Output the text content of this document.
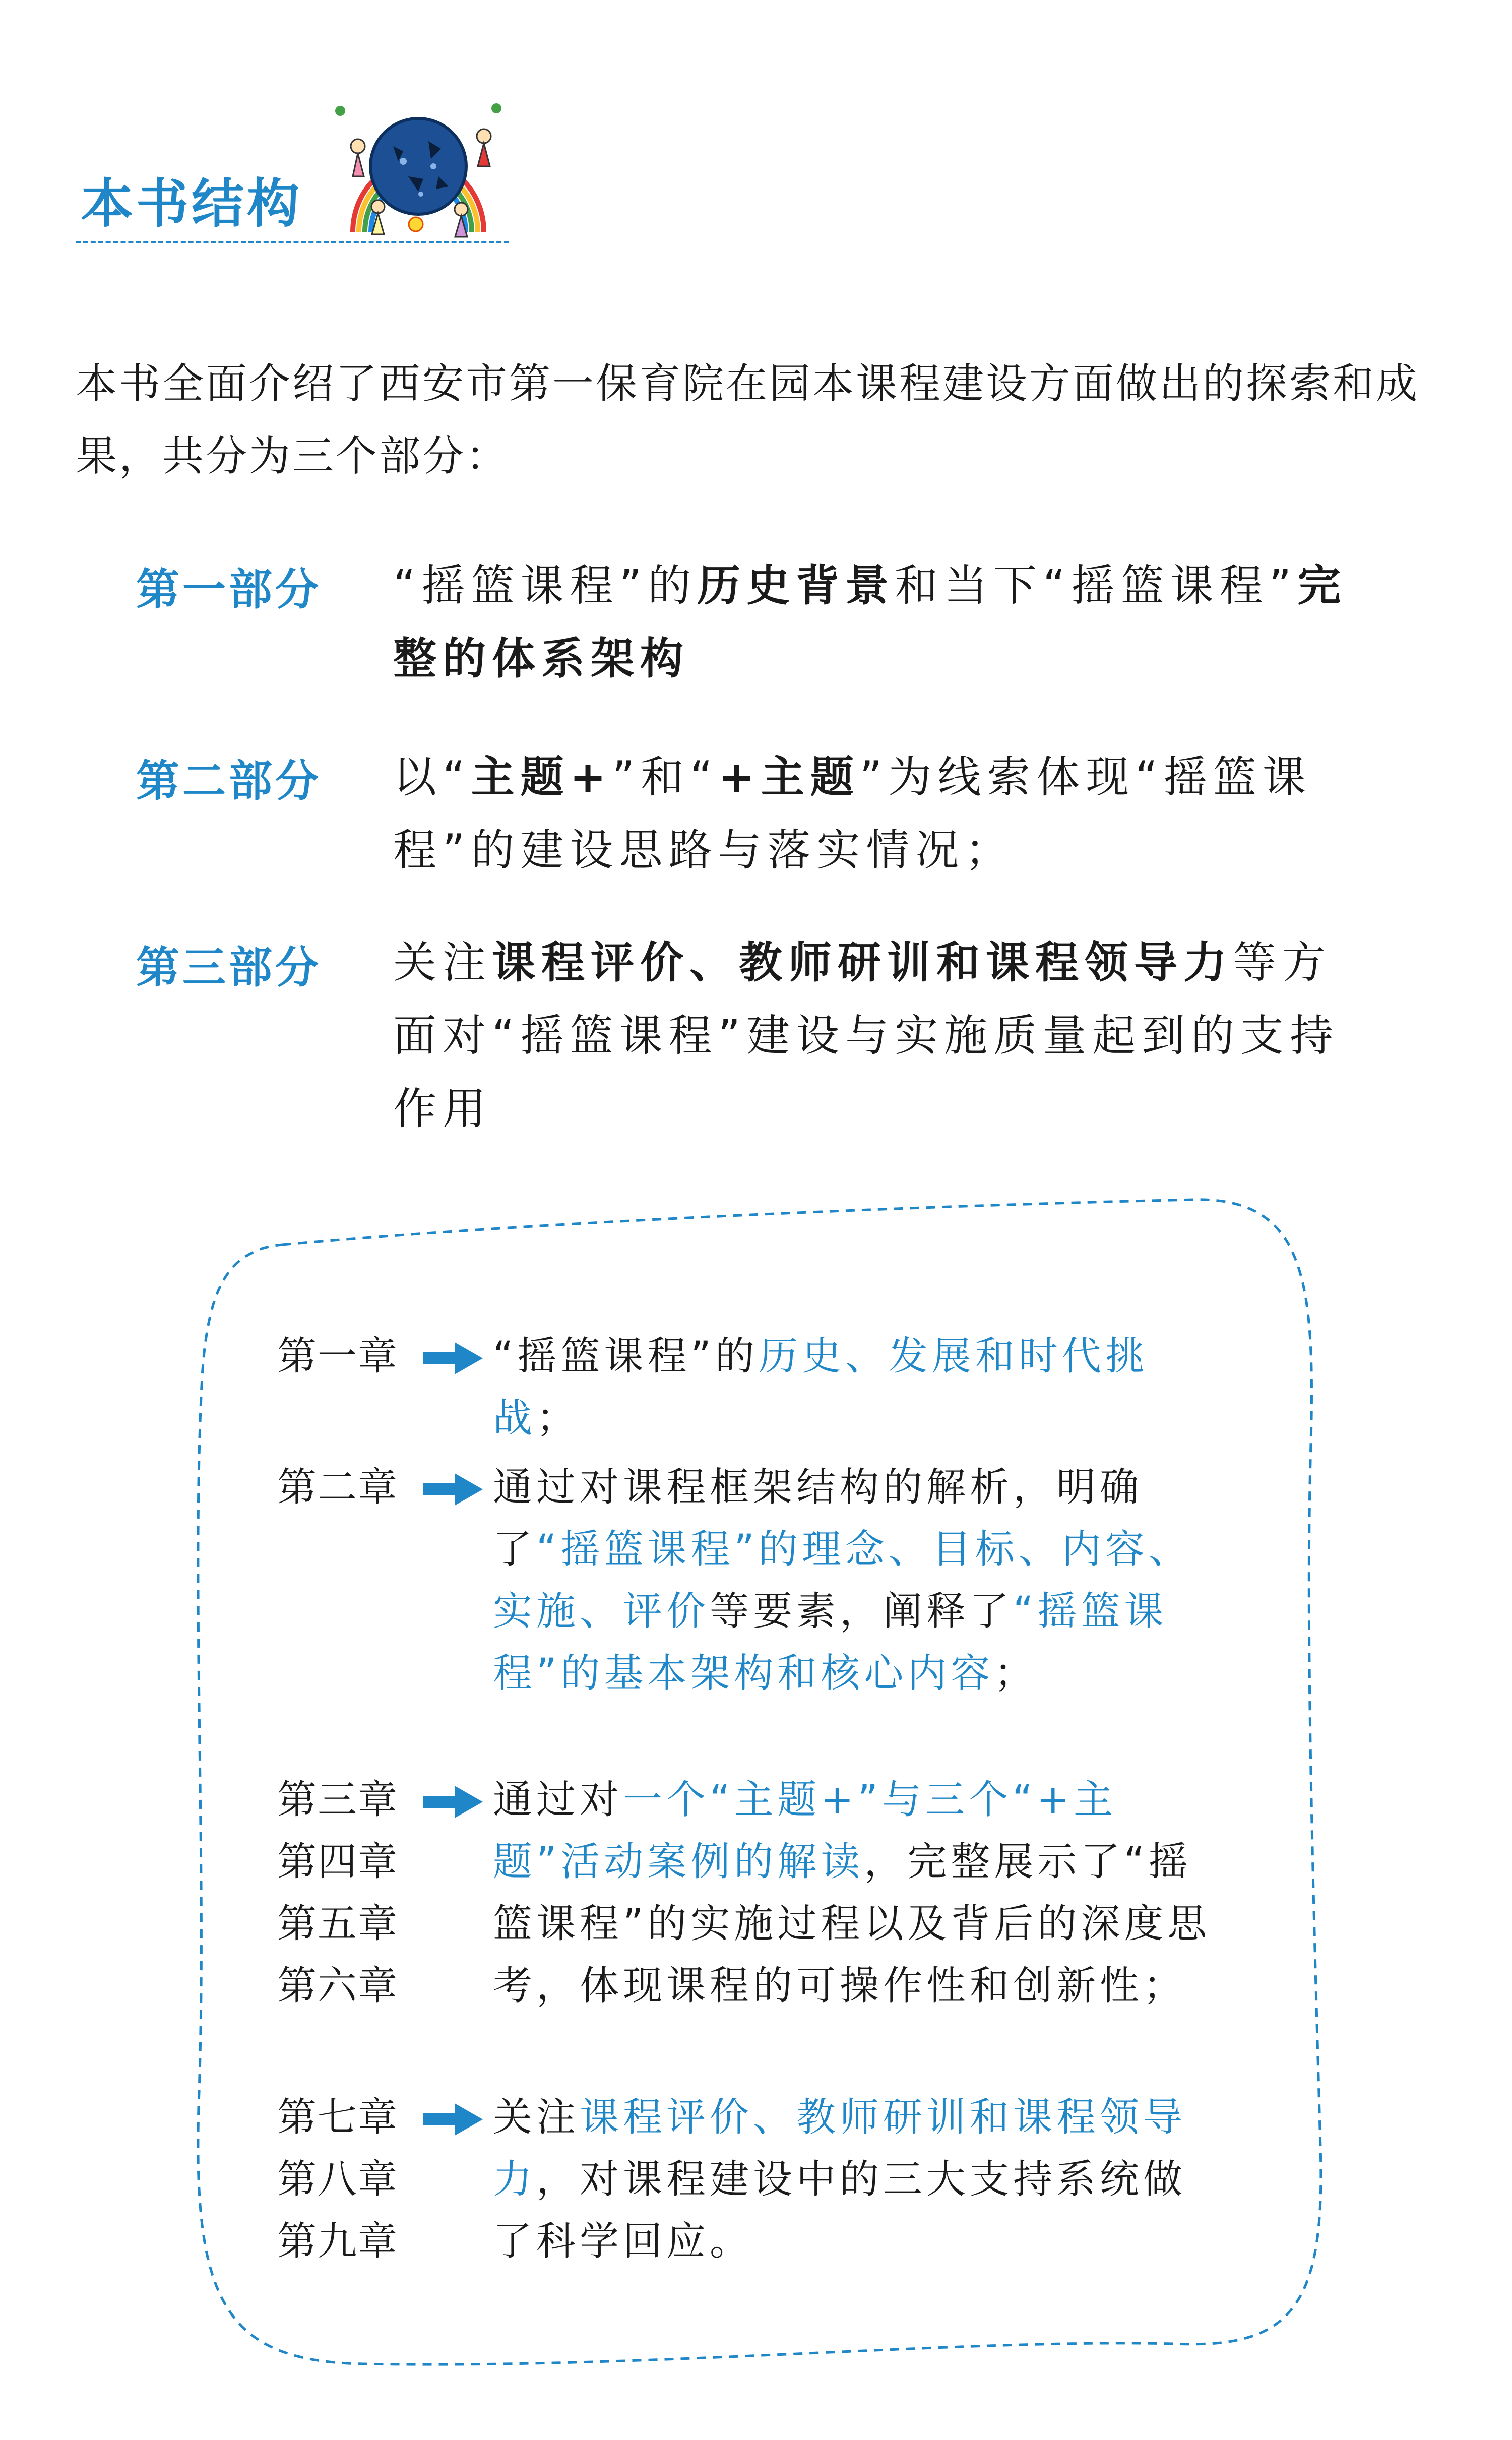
本书结构
本书全面介绍了西安市第一保育院在园本课程建设方面做出的探索和成果，共分为三个部分：
第一部分 “摇篮课程”的历史背景和当下“摇篮课程”完整的体系架构
第二部分 以“主题+”和“+主题”为线索体现“摇篮课程”的建设思路与落实情况；
第三部分 关注课程评价、教师研训和课程领导力等方面对“摇篮课程”建设与实施质量起到的支持作用
第一章 “摇篮课程”的历史、发展和时代挑战；
第二章 通过对课程框架结构的解析，明确了“摇篮课程”的理念、目标、内容、实施、评价等要素，阐释了“摇篮课程”的基本架构和核心内容；
第三章
第四章
第五章
第六章
通过对一个“主题+”与三个“+主题”活动案例的解读，完整展示了“摇篮课程”的实施过程以及背后的深度思考，体现课程的可操作性和创新性；
第七章
第八章
第九章
关注课程评价、教师研训和课程领导力，对课程建设中的三大支持系统做了科学回应。
